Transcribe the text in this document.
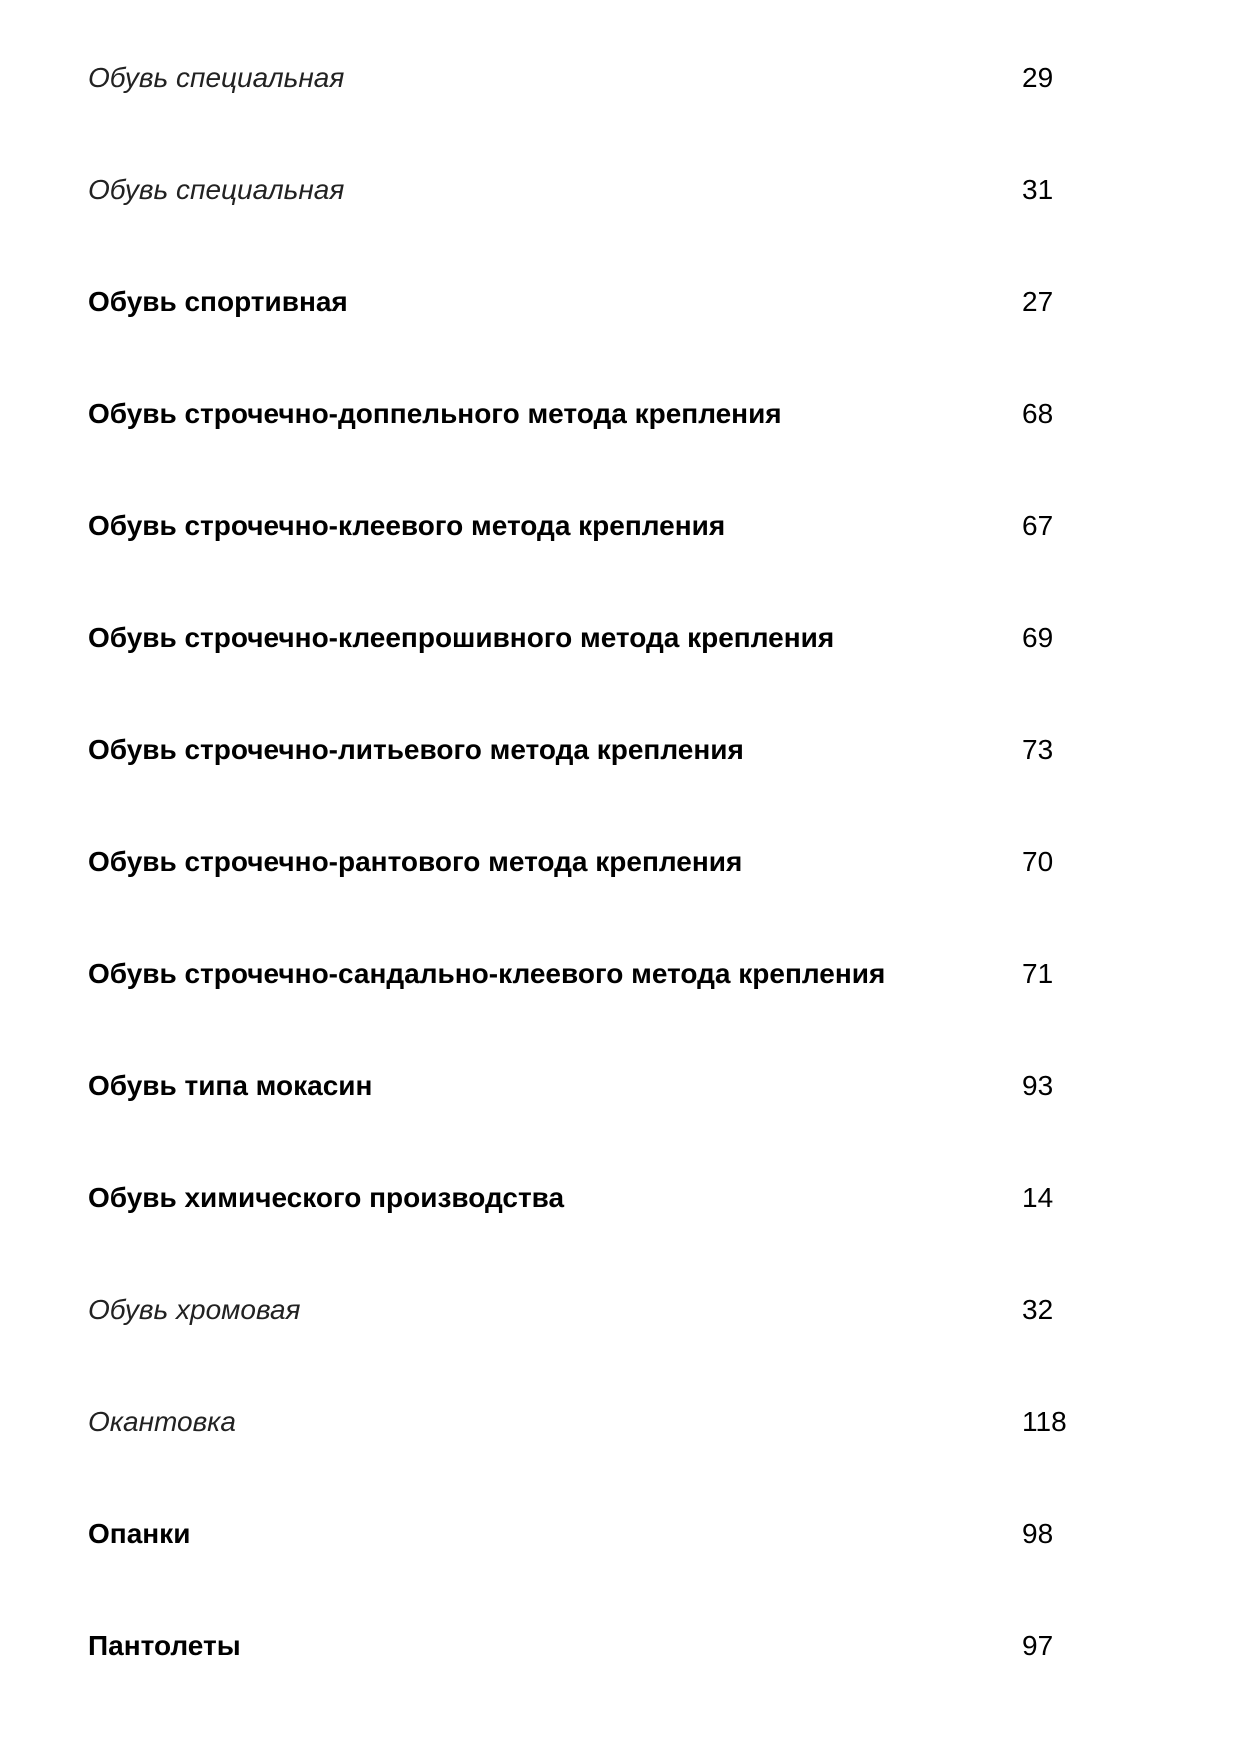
Обувь специальная	29
Обувь специальная	31
Обувь спортивная	27
Обувь строчечно-доппельного метода крепления	68
Обувь строчечно-клеевого метода крепления	67
Обувь строчечно-клеепрошивного метода крепления	69
Обувь строчечно-литьевого метода крепления	73
Обувь строчечно-рантового метода крепления	70
Обувь строчечно-сандально-клеевого метода крепления	71
Обувь типа мокасин	93
Обувь химического производства	14
Обувь хромовая	32
Окантовка	118
Опанки	98
Пантолеты	97
